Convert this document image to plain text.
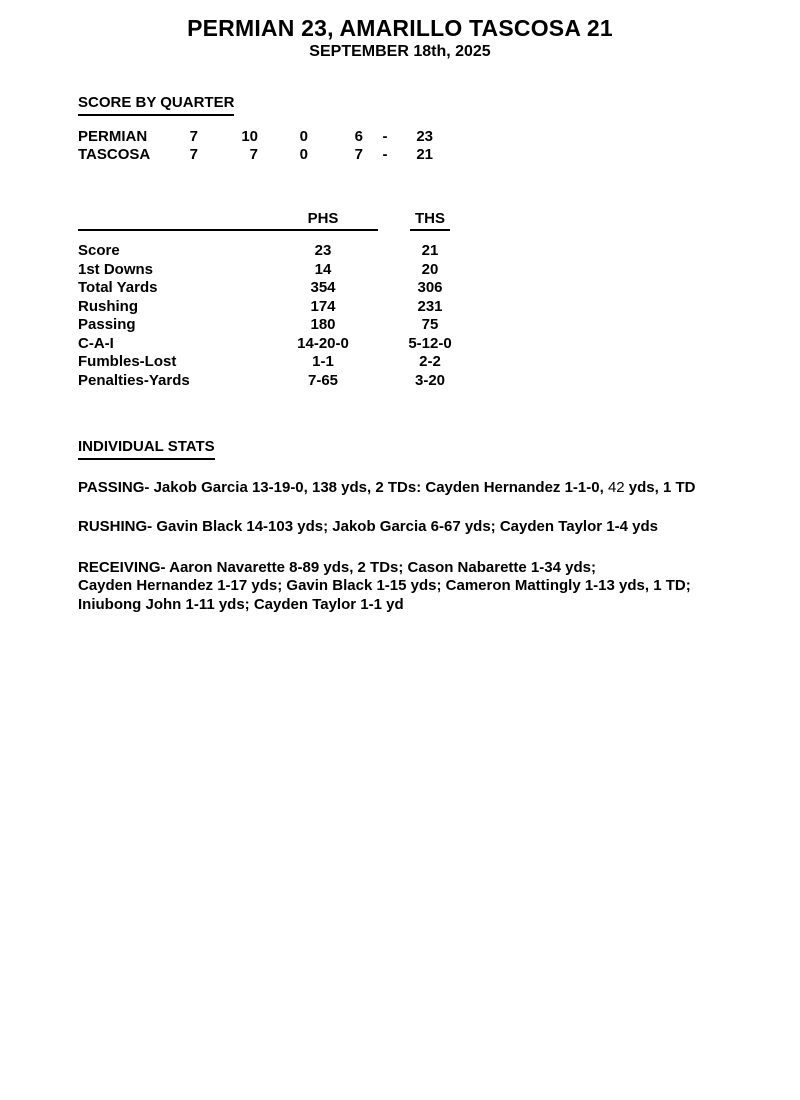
PERMIAN 23, AMARILLO TASCOSA 21
SEPTEMBER 18th, 2025
SCORE BY QUARTER
PERMIAN	7	10	0	6	-	23
TASCOSA	7	7	0	7	-	21
PHS	THS
Score	23	21
1st Downs	14	20
Total Yards	354	306
Rushing	174	231
Passing	180	75
C-A-I	14-20-0	5-12-0
Fumbles-Lost	1-1	2-2
Penalties-Yards	7-65	3-20
INDIVIDUAL STATS
PASSING- Jakob Garcia 13-19-0, 138 yds, 2 TDs: Cayden Hernandez 1-1-0, 42 yds, 1 TD
RUSHING- Gavin Black 14-103 yds; Jakob Garcia 6-67 yds; Cayden Taylor 1-4 yds
RECEIVING- Aaron Navarette 8-89 yds, 2 TDs; Cason Nabarette 1-34 yds;
Cayden Hernandez 1-17 yds; Gavin Black 1-15 yds; Cameron Mattingly 1-13 yds, 1 TD;
Iniubong John 1-11 yds; Cayden Taylor 1-1 yd
